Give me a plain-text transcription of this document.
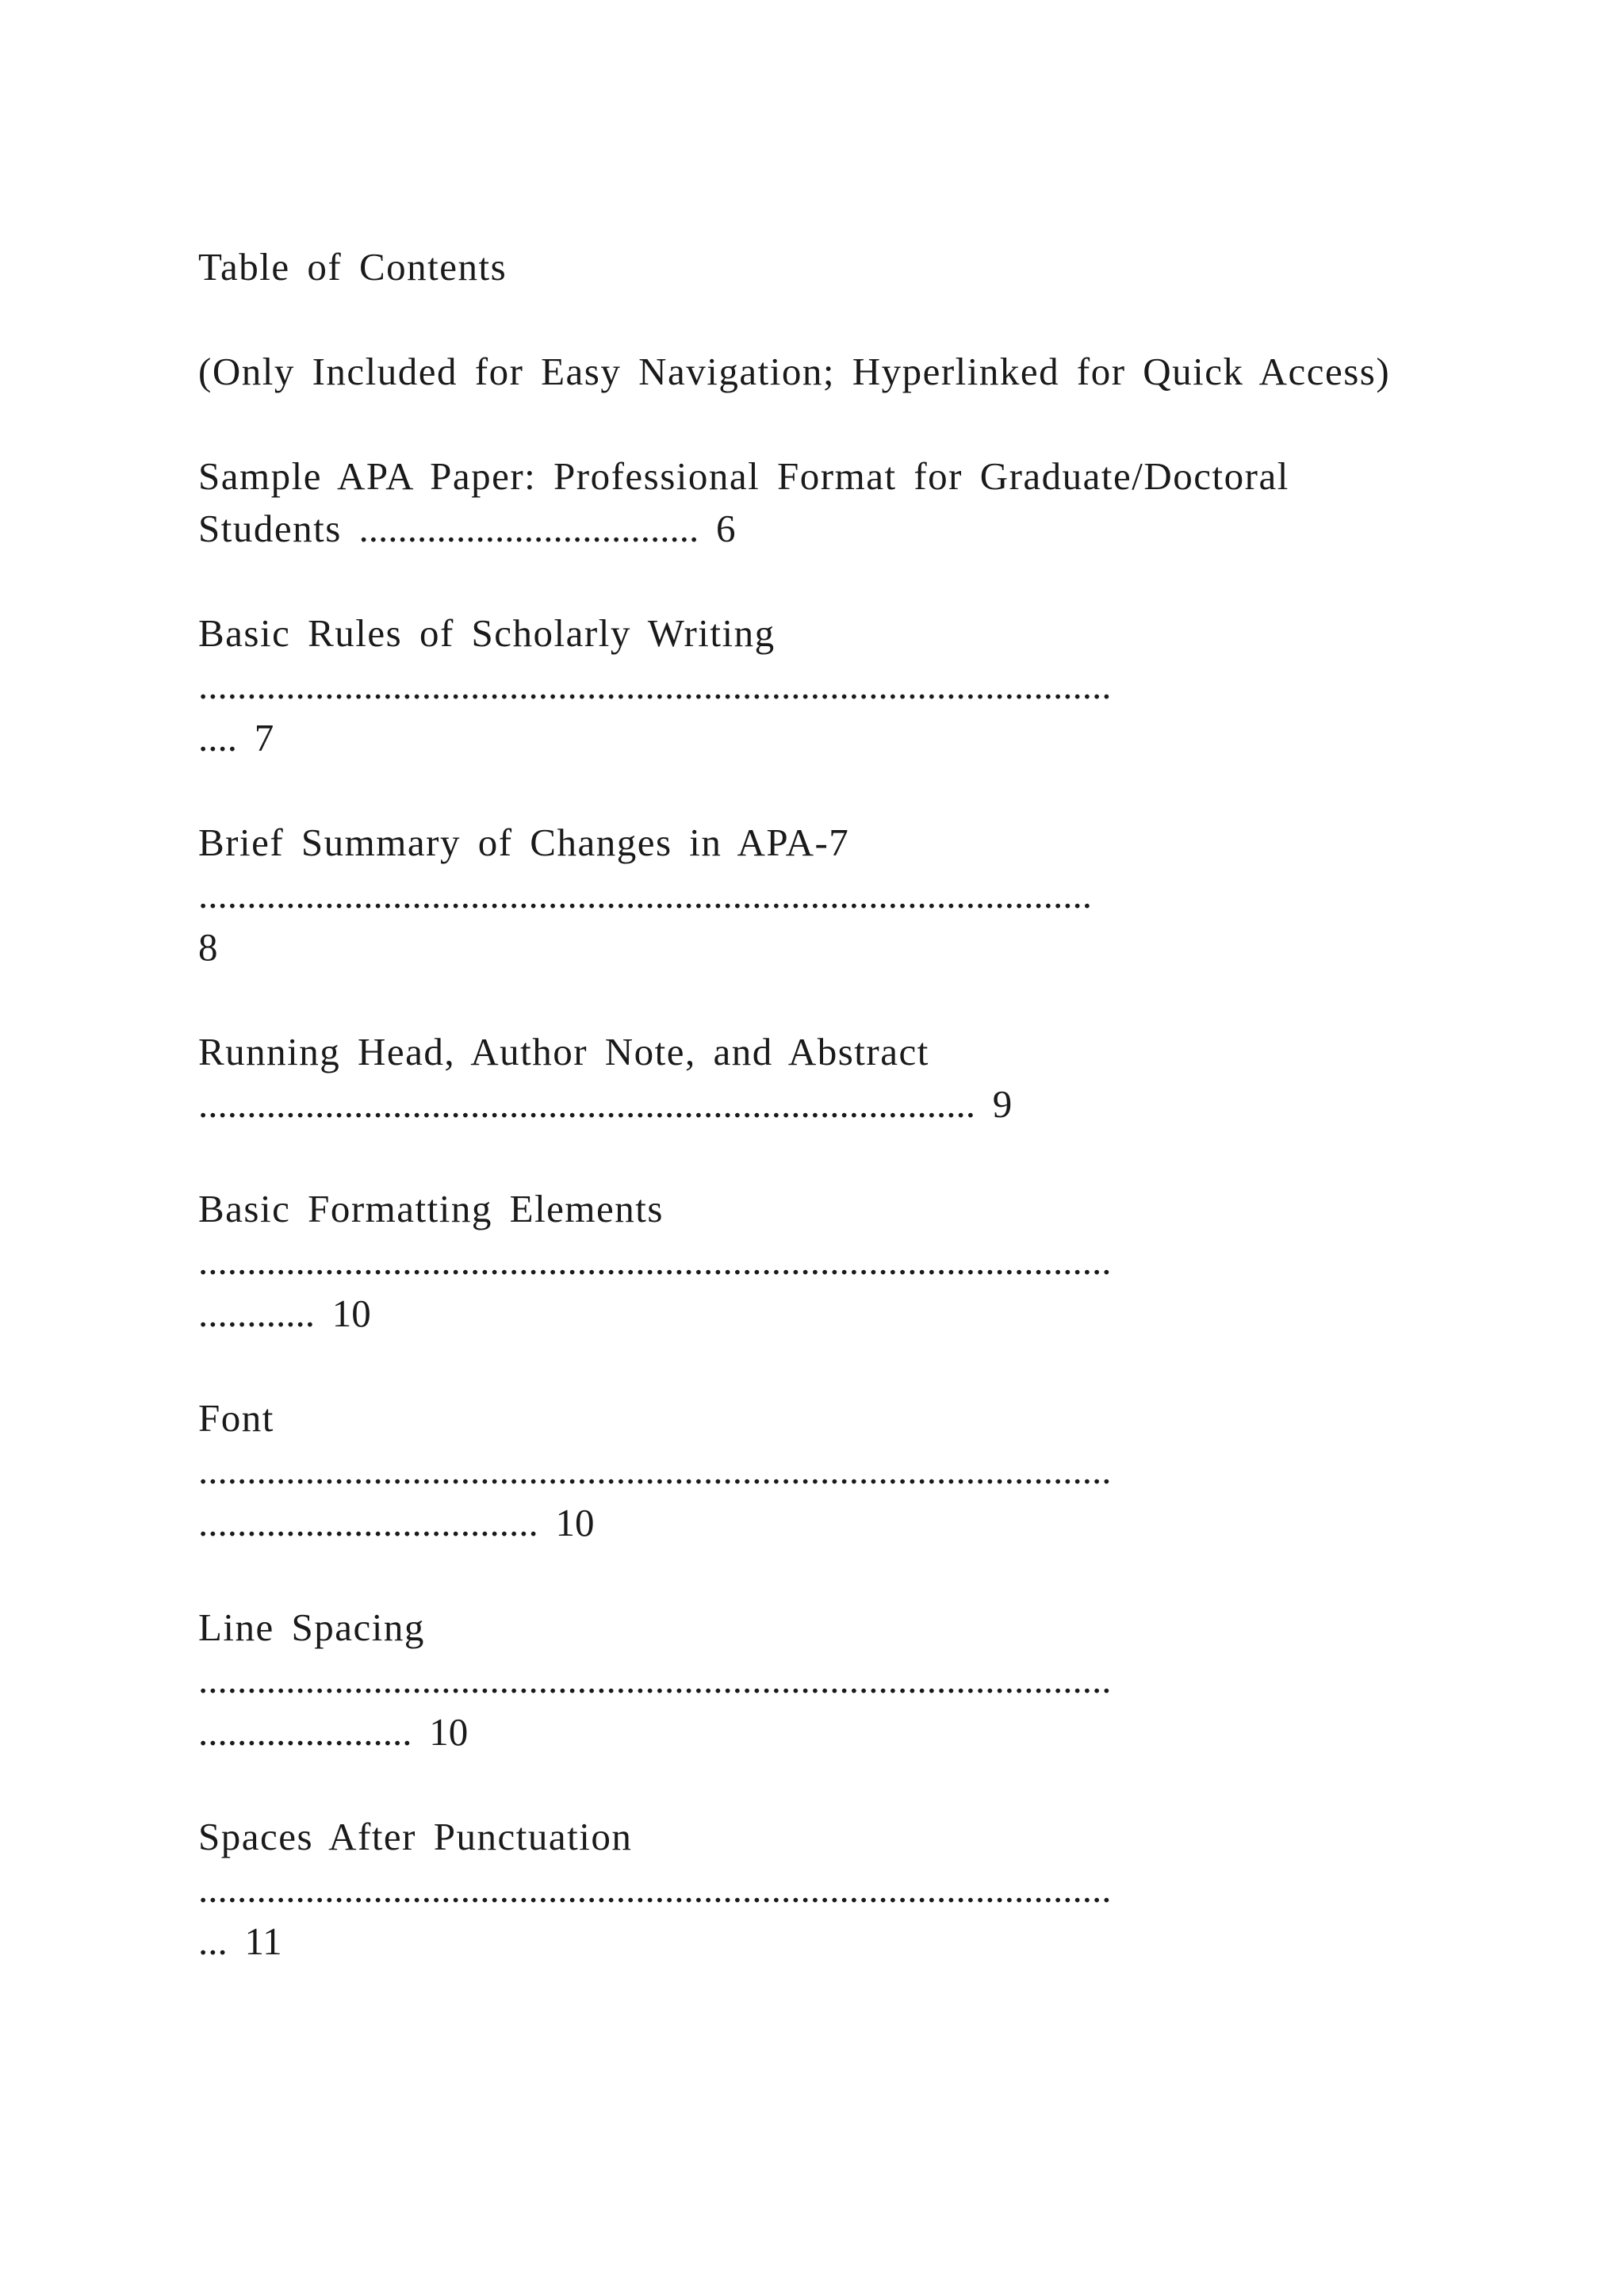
Table of Contents

(Only Included for Easy Navigation; Hyperlinked for Quick Access)

Sample APA Paper: Professional Format for Graduate/Doctoral
Students ................................... 6

Basic Rules of Scholarly Writing
..............................................................................................
.... 7

Brief Summary of Changes in APA-7
............................................................................................
8

Running Head, Author Note, and Abstract
................................................................................ 9

Basic Formatting Elements
..............................................................................................
............ 10

Font
..............................................................................................
................................... 10

Line Spacing
..............................................................................................
...................... 10

Spaces After Punctuation
..............................................................................................
... 11
